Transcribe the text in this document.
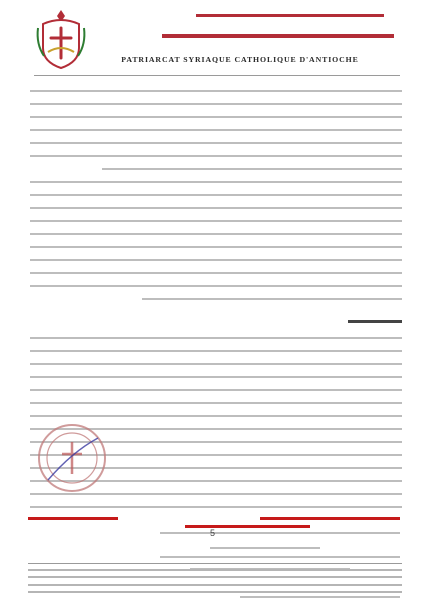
PATRIARCAT SYRIAQUE CATHOLIQUE D'ANTIOCHE
5
